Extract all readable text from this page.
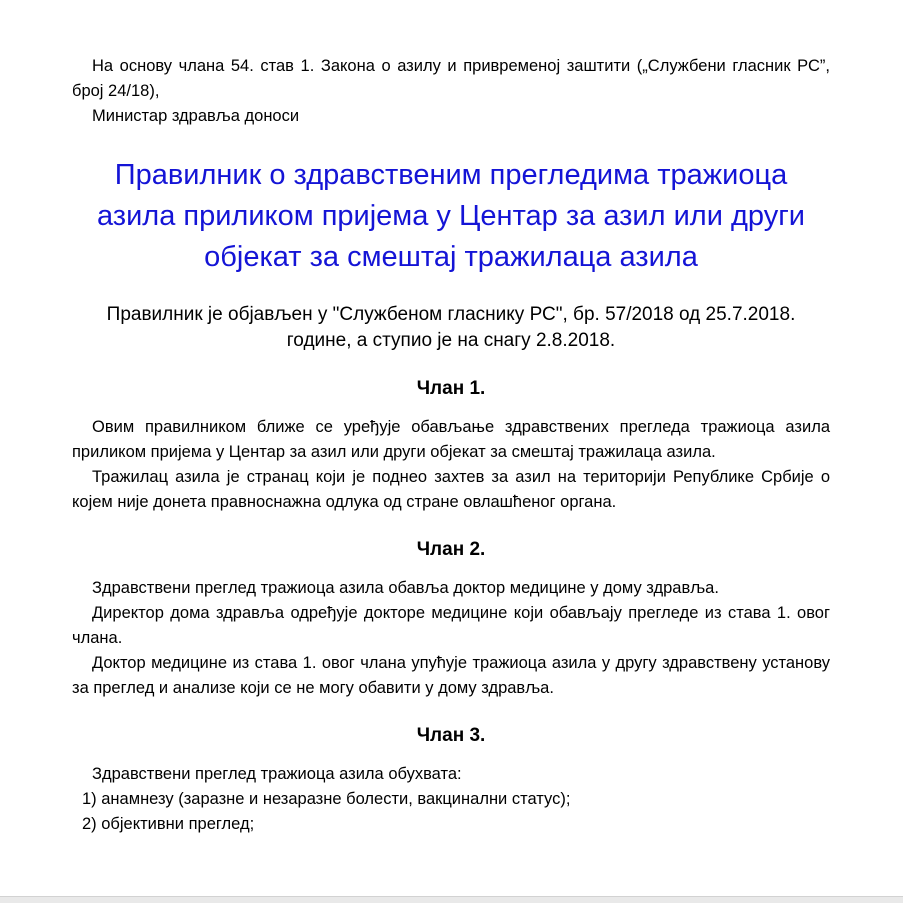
На основу члана 54. став 1. Закона о азилу и привременој заштити („Службени гласник РС”, број 24/18),

Министар здравља доноси

Правилник о здравственим прегледима тражиоца азила приликом пријема у Центар за азил или други објекат за смештај тражилаца азила

Правилник је објављен у "Службеном гласнику РС", бр. 57/2018 од 25.7.2018. године, а ступио је на снагу 2.8.2018.

Члан 1.

Овим правилником ближе се уређује обављање здравствених прегледа тражиоца азила приликом пријема у Центар за азил или други објекат за смештај тражилаца азила.

Тражилац азила је странац који је поднео захтев за азил на територији Републике Србије о којем није донета правноснажна одлука од стране овлашћеног органа.

Члан 2.

Здравствени преглед тражиоца азила обавља доктор медицине у дому здравља.

Директор дома здравља одређује докторе медицине који обављају прегледе из става 1. овог члана.

Доктор медицине из става 1. овог члана упућује тражиоца азила у другу здравствену установу за преглед и анализе који се не могу обавити у дому здравља.

Члан 3.

Здравствени преглед тражиоца азила обухвата:

1) анамнезу (заразне и незаразне болести, вакцинални статус);

2) објективни преглед;
